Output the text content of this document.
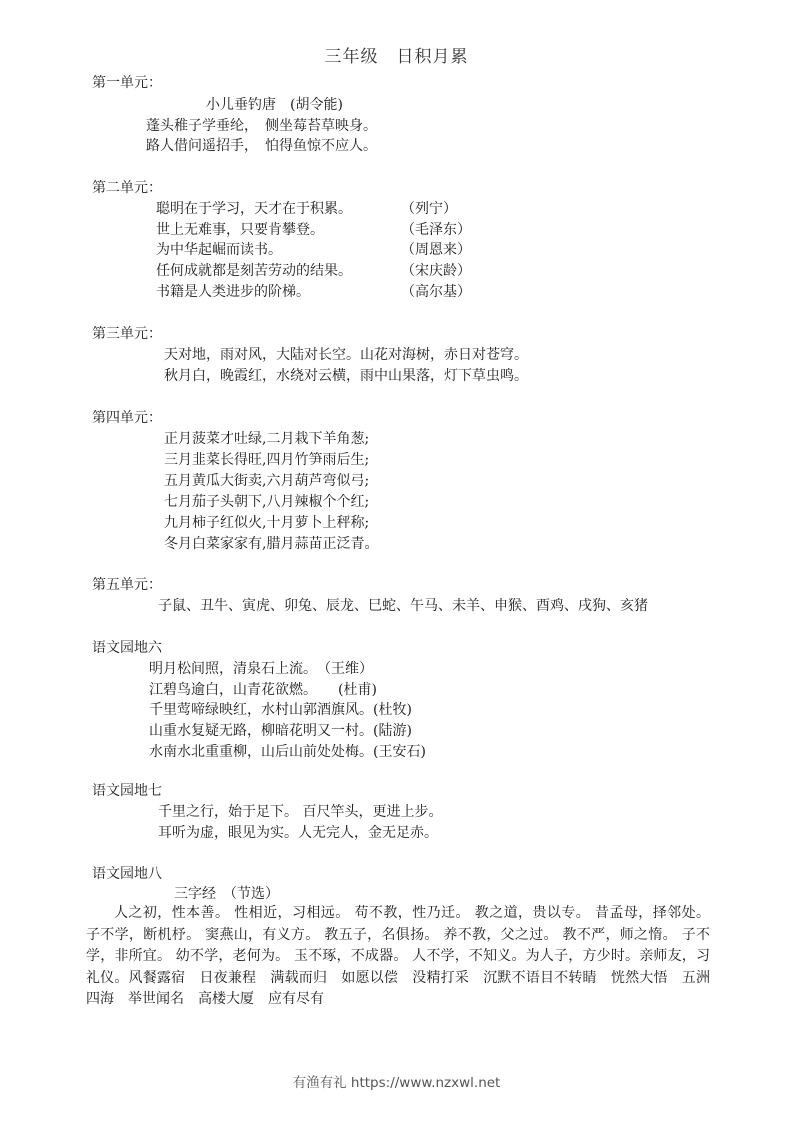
三年级　日积月累
第一单元：
小儿垂钓唐　(胡令能)
蓬头稚子学垂纶，　侧坐莓苔草映身。
路人借问遥招手，　怕得鱼惊不应人。
第二单元：
聪明在于学习，天才在于积累。	（列宁）
世上无难事，只要肯攀登。	（毛泽东）
为中华起崛而读书。	（周恩来）
任何成就都是刻苦劳动的结果。	（宋庆龄）
书籍是人类进步的阶梯。	（高尔基）
第三单元：
天对地，雨对风，大陆对长空。山花对海树，赤日对苍穹。
秋月白，晚霞红，水绕对云横，雨中山果落，灯下草虫鸣。
第四单元：
正月菠菜才吐绿,二月栽下羊角葱;
三月韭菜长得旺,四月竹笋雨后生;
五月黄瓜大街卖,六月葫芦弯似弓;
七月茄子头朝下,八月辣椒个个红;
九月柿子红似火,十月萝卜上秤称;
冬月白菜家家有,腊月蒜苗正泛青。
第五单元：
子鼠、丑牛、寅虎、卯兔、辰龙、巳蛇、午马、未羊、申猴、酉鸡、戌狗、亥猪
语文园地六
明月松间照，清泉石上流。　（王维）
江碧鸟逾白，山青花欲燃。　　(杜甫)
千里莺啼绿映红，水村山郭酒旗风。(杜牧)
山重水复疑无路，柳暗花明又一村。(陆游)
水南水北重重柳，山后山前处处梅。(王安石)
语文园地七
千里之行，始于足下。 百尺竿头，更进上步。
耳听为虚，眼见为实。人无完人，金无足赤。
语文园地八
三字经　（节选）
人之初，性本善。 性相近，习相远。 苟不教，性乃迁。 教之道，贵以专。 昔孟母，择邻处。 子不学，断机杼。 窦燕山，有义方。 教五子，名俱扬。 养不教，父之过。 教不严，师之惰。 子不学，非所宜。 幼不学，老何为。 玉不琢，不成器。 人不学，不知义。为人子，方少时。亲师友，习礼仪。风餐露宿　日夜兼程　满载而归　如愿以偿　没精打采　沉默不语目不转睛　恍然大悟　五洲四海　举世闻名　高楼大厦　应有尽有
有渔有礼 https://www.nzxwl.net
